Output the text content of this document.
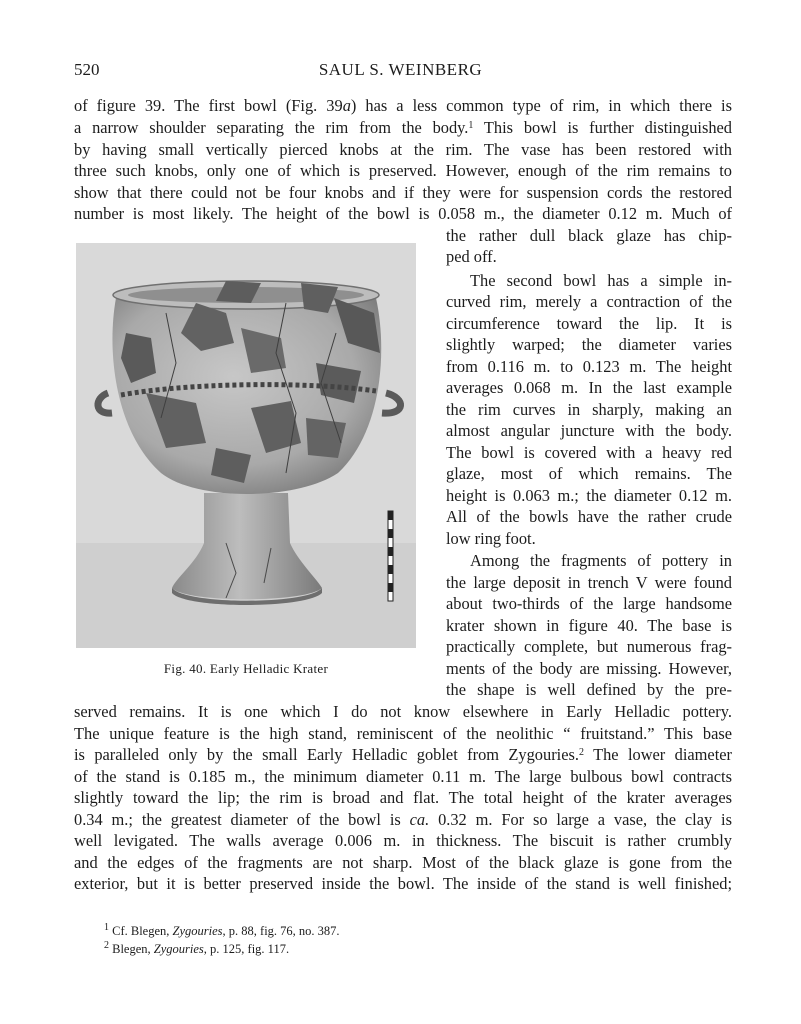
520	SAUL S. WEINBERG
of figure 39. The first bowl (Fig. 39a) has a less common type of rim, in which there is
a narrow shoulder separating the rim from the body.$^1$ This bowl is further distinguished
by having small vertically pierced knobs at the rim. The vase has been restored with
three such knobs, only one of which is preserved. However, enough of the rim remains to
show that there could not be four knobs and if they were for suspension cords the restored
number is most likely. The height of the bowl is 0.058 m., the diameter 0.12 m. Much of
the rather dull black glaze has chip-
ped off.
The second bowl has a simple in-
curved rim, merely a contraction of the
circumference toward the lip. It is
slightly warped; the diameter varies
from 0.116 m. to 0.123 m. The height
averages 0.068 m. In the last example
the rim curves in sharply, making an
almost angular juncture with the body.
The bowl is covered with a heavy red
glaze, most of which remains. The
height is 0.063 m.; the diameter 0.12 m.
All of the bowls have the rather crude
low ring foot.
Among the fragments of pottery in
the large deposit in trench V were found
about two-thirds of the large handsome
krater shown in figure 40. The base is
practically complete, but numerous frag-
ments of the body are missing. However,
the shape is well defined by the pre-
served remains. It is one which I do not know elsewhere in Early Helladic pottery.
The unique feature is the high stand, reminiscent of the neolithic “ fruitstand.” This base
is paralleled only by the small Early Helladic goblet from Zygouries.$^2$ The lower diameter
of the stand is 0.185 m., the minimum diameter 0.11 m. The large bulbous bowl contracts
slightly toward the lip; the rim is broad and flat. The total height of the krater averages
0.34 m.; the greatest diameter of the bowl is ca. 0.32 m. For so large a vase, the clay is
well levigated. The walls average 0.006 m. in thickness. The biscuit is rather crumbly
and the edges of the fragments are not sharp. Most of the black glaze is gone from the
exterior, but it is better preserved inside the bowl. The inside of the stand is well finished;
Fig. 40. Early Helladic Krater
$^1$ Cf. Blegen, Zygouries, p. 88, fig. 76, no. 387.
$^2$ Blegen, Zygouries, p. 125, fig. 117.
